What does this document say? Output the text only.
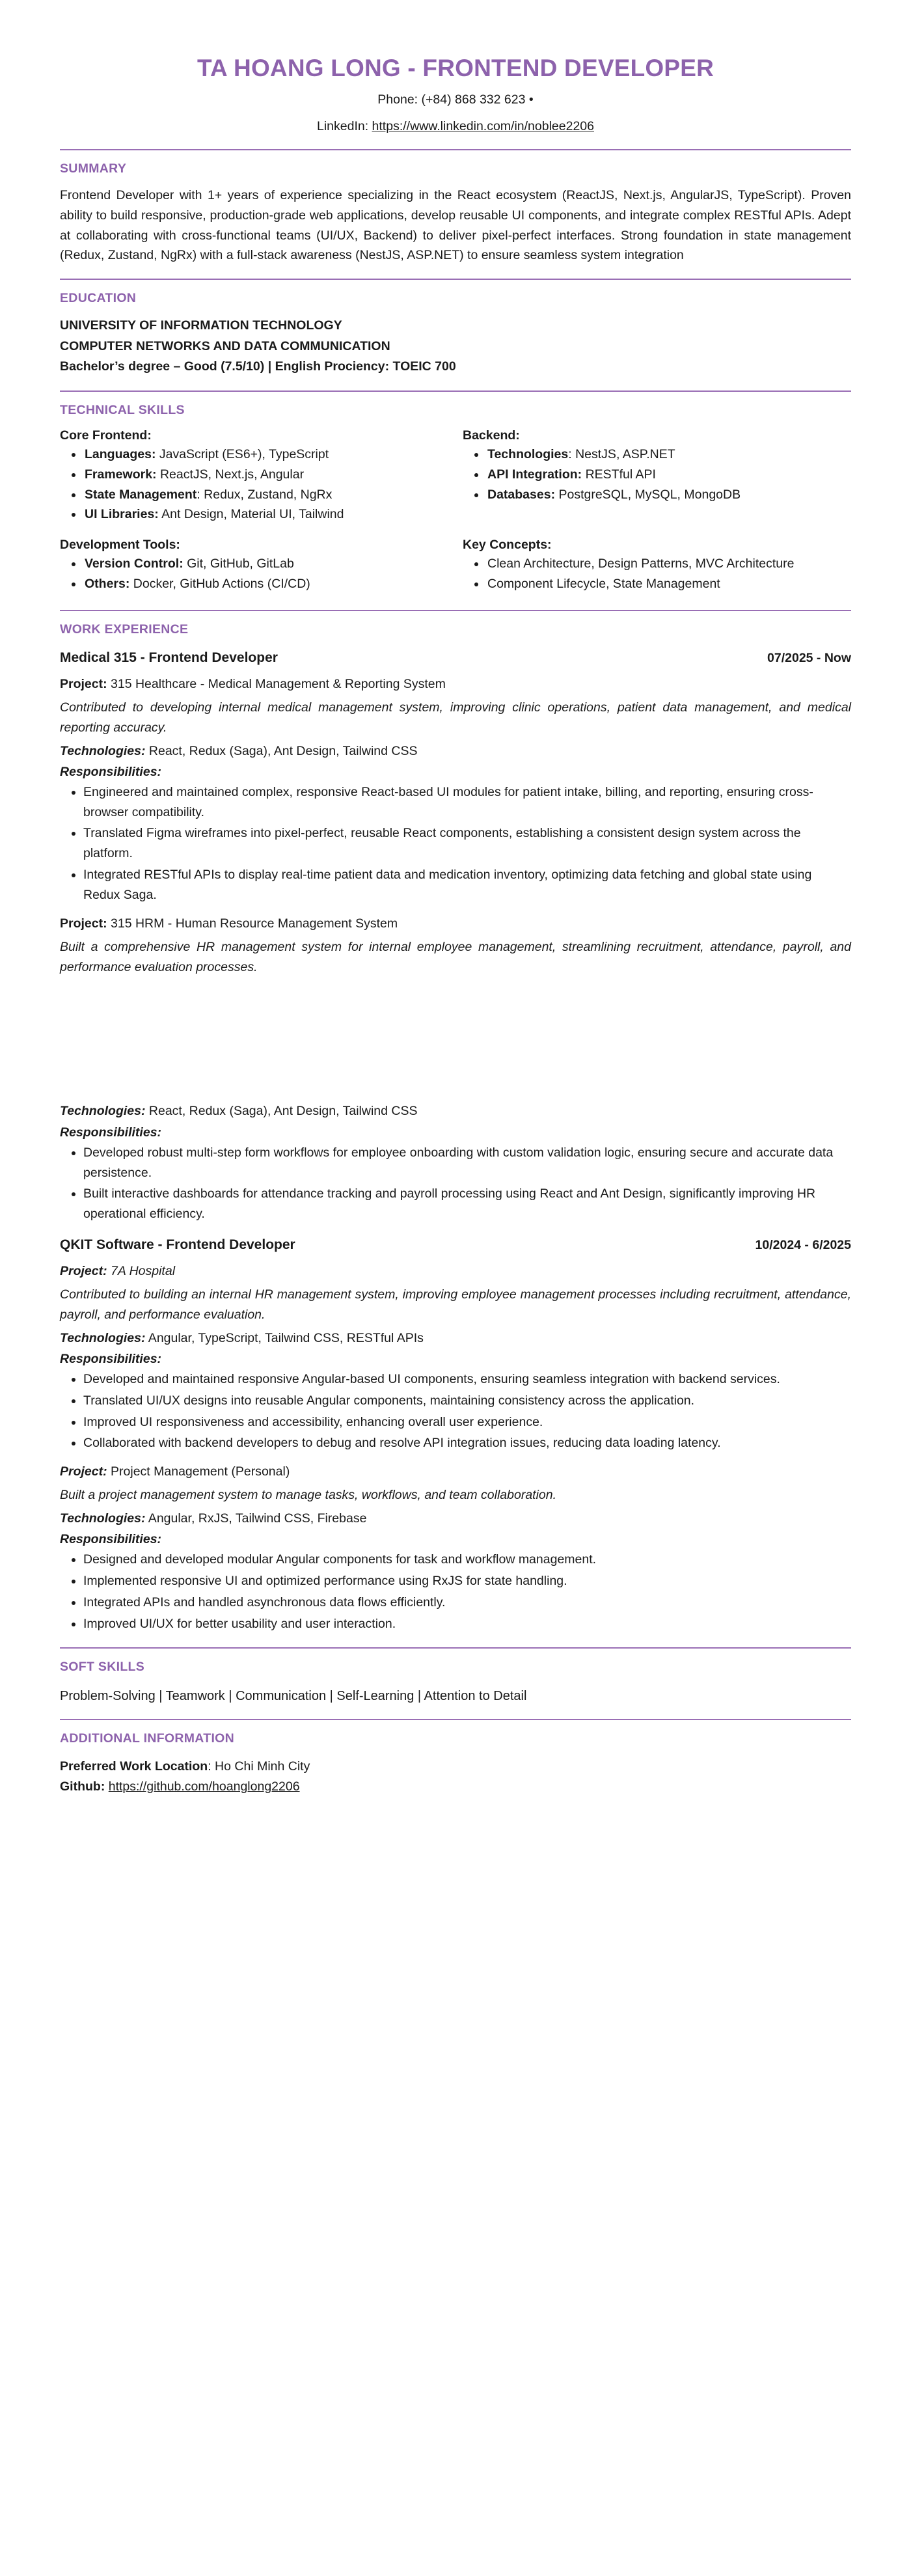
TA HOANG LONG - FRONTEND DEVELOPER
Phone: (+84) 868 332 623 •
LinkedIn: https://www.linkedin.com/in/noblee2206
SUMMARY
Frontend Developer with 1+ years of experience specializing in the React ecosystem (ReactJS, Next.js, AngularJS, TypeScript). Proven ability to build responsive, production-grade web applications, develop reusable UI components, and integrate complex RESTful APIs. Adept at collaborating with cross-functional teams (UI/UX, Backend) to deliver pixel-perfect interfaces. Strong foundation in state management (Redux, Zustand, NgRx) with a full-stack awareness (NestJS, ASP.NET) to ensure seamless system integration
EDUCATION
UNIVERSITY OF INFORMATION TECHNOLOGY
COMPUTER NETWORKS AND DATA COMMUNICATION
Bachelor’s degree – Good (7.5/10) | English Prociency: TOEIC 700
TECHNICAL SKILLS
Core Frontend:
• Languages: JavaScript (ES6+), TypeScript
• Framework: ReactJS, Next.js, Angular
• State Management: Redux, Zustand, NgRx
• UI Libraries: Ant Design, Material UI, Tailwind
Backend:
• Technologies: NestJS, ASP.NET
• API Integration: RESTful API
• Databases: PostgreSQL, MySQL, MongoDB
Development Tools:
• Version Control: Git, GitHub, GitLab
• Others: Docker, GitHub Actions (CI/CD)
Key Concepts:
• Clean Architecture, Design Patterns, MVC Architecture
• Component Lifecycle, State Management
WORK EXPERIENCE
Medical 315 - Frontend Developer	07/2025 - Now
Project: 315 Healthcare - Medical Management & Reporting System
Contributed to developing internal medical management system, improving clinic operations, patient data management, and medical reporting accuracy.
Technologies: React, Redux (Saga), Ant Design, Tailwind CSS
Responsibilities:
• Engineered and maintained complex, responsive React-based UI modules for patient intake, billing, and reporting, ensuring cross-browser compatibility.
• Translated Figma wireframes into pixel-perfect, reusable React components, establishing a consistent design system across the platform.
• Integrated RESTful APIs to display real-time patient data and medication inventory, optimizing data fetching and global state using Redux Saga.
Project: 315 HRM - Human Resource Management System
Built a comprehensive HR management system for internal employee management, streamlining recruitment, attendance, payroll, and performance evaluation processes.
Technologies: React, Redux (Saga), Ant Design, Tailwind CSS
Responsibilities:
• Developed robust multi-step form workflows for employee onboarding with custom validation logic, ensuring secure and accurate data persistence.
• Built interactive dashboards for attendance tracking and payroll processing using React and Ant Design, significantly improving HR operational efficiency.
QKIT Software - Frontend Developer	10/2024 - 6/2025
Project: 7A Hospital
Contributed to building an internal HR management system, improving employee management processes including recruitment, attendance, payroll, and performance evaluation.
Technologies: Angular, TypeScript, Tailwind CSS, RESTful APIs
Responsibilities:
• Developed and maintained responsive Angular-based UI components, ensuring seamless integration with backend services.
• Translated UI/UX designs into reusable Angular components, maintaining consistency across the application.
• Improved UI responsiveness and accessibility, enhancing overall user experience.
• Collaborated with backend developers to debug and resolve API integration issues, reducing data loading latency.
Project: Project Management (Personal)
Built a project management system to manage tasks, workflows, and team collaboration.
Technologies: Angular, RxJS, Tailwind CSS, Firebase
Responsibilities:
• Designed and developed modular Angular components for task and workflow management.
• Implemented responsive UI and optimized performance using RxJS for state handling.
• Integrated APIs and handled asynchronous data flows efficiently.
• Improved UI/UX for better usability and user interaction.
SOFT SKILLS
Problem-Solving | Teamwork | Communication | Self-Learning | Attention to Detail
ADDITIONAL INFORMATION
Preferred Work Location: Ho Chi Minh City
Github: https://github.com/hoanglong2206
